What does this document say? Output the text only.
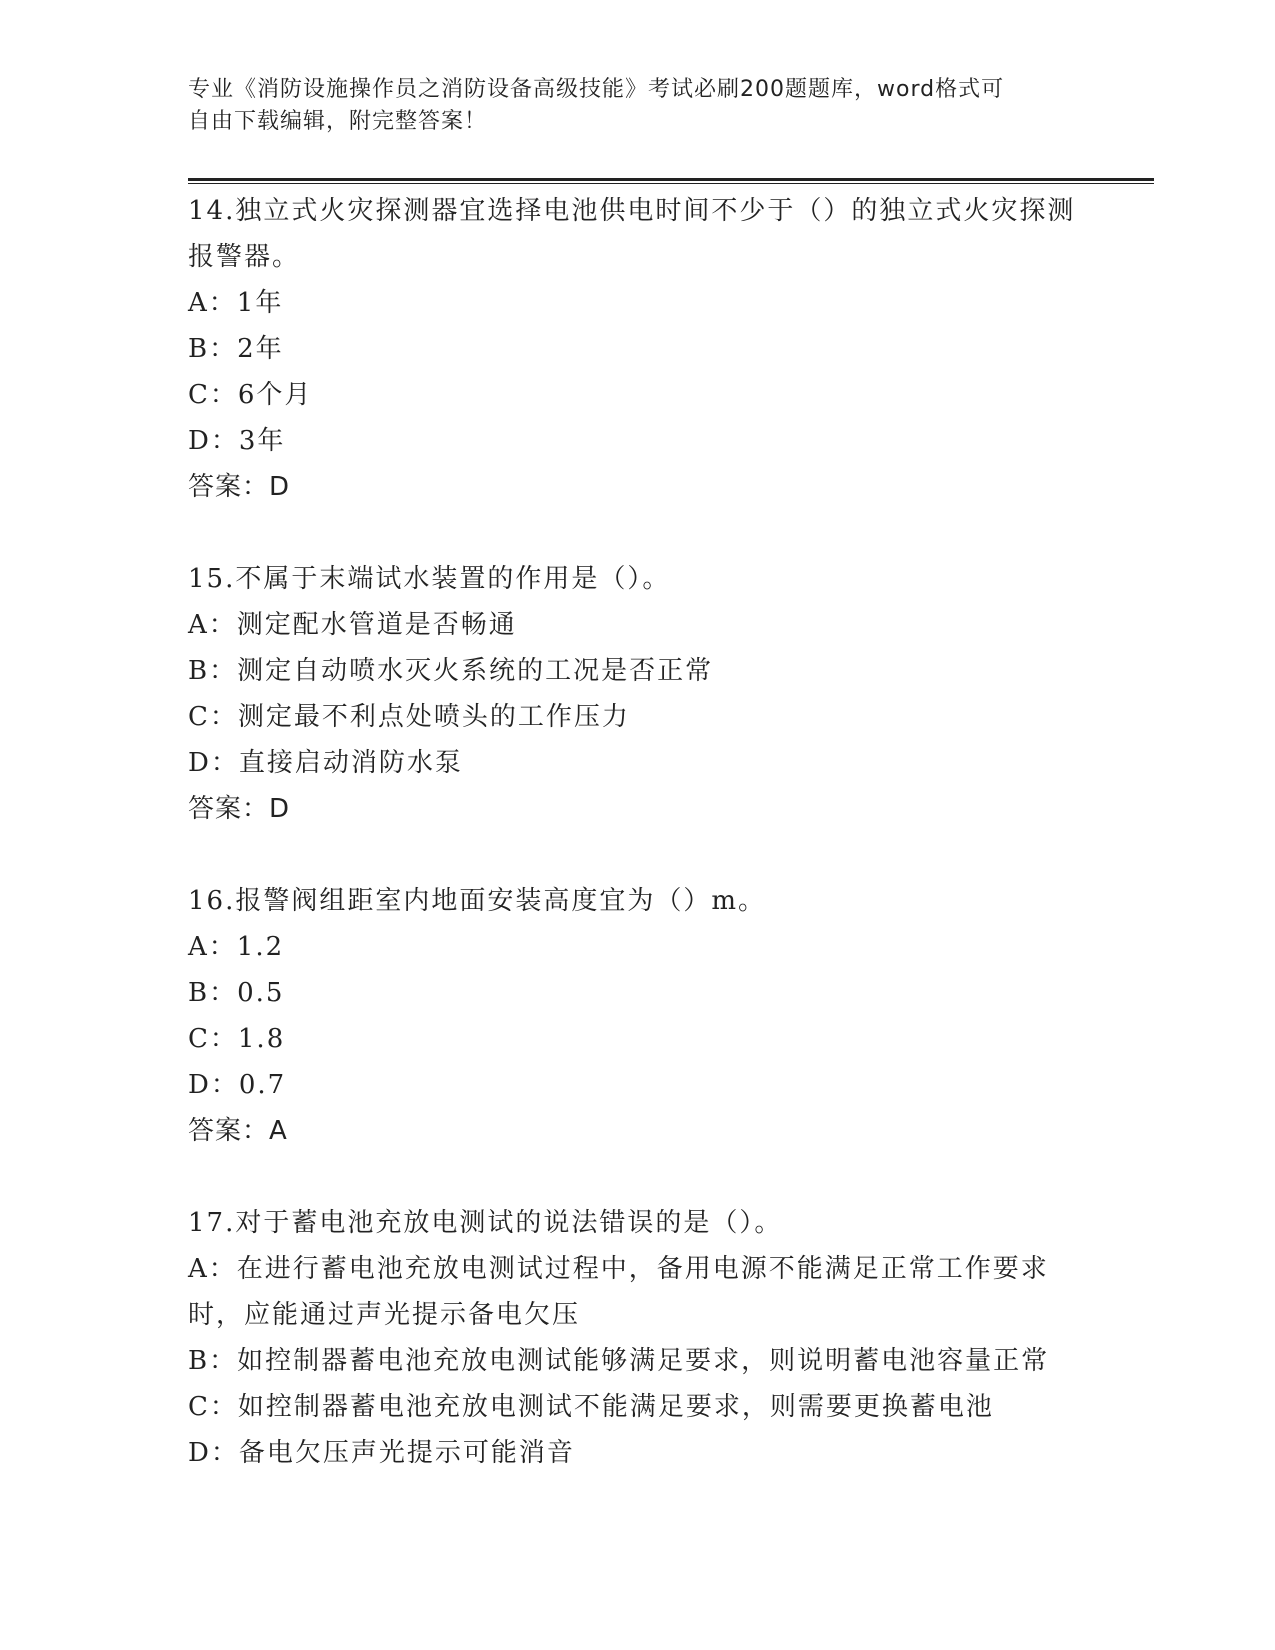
专业《消防设施操作员之消防设备高级技能》考试必刷200题题库，word格式可
自由下载编辑，附完整答案！

14.独立式火灾探测器宜选择电池供电时间不少于（）的独立式火灾探测报警器。

A：1年

B：2年

C：6个月

D：3年

答案：D

15.不属于末端试水装置的作用是（）。

A：测定配水管道是否畅通

B：测定自动喷水灭火系统的工况是否正常

C：测定最不利点处喷头的工作压力

D：直接启动消防水泵

答案：D

16.报警阀组距室内地面安装高度宜为（）m。

A：1.2

B：0.5

C：1.8

D：0.7

答案：A

17.对于蓄电池充放电测试的说法错误的是（）。

A：在进行蓄电池充放电测试过程中，备用电源不能满足正常工作要求时，应能通过声光提示备电欠压

B：如控制器蓄电池充放电测试能够满足要求，则说明蓄电池容量正常

C：如控制器蓄电池充放电测试不能满足要求，则需要更换蓄电池

D：备电欠压声光提示可能消音
